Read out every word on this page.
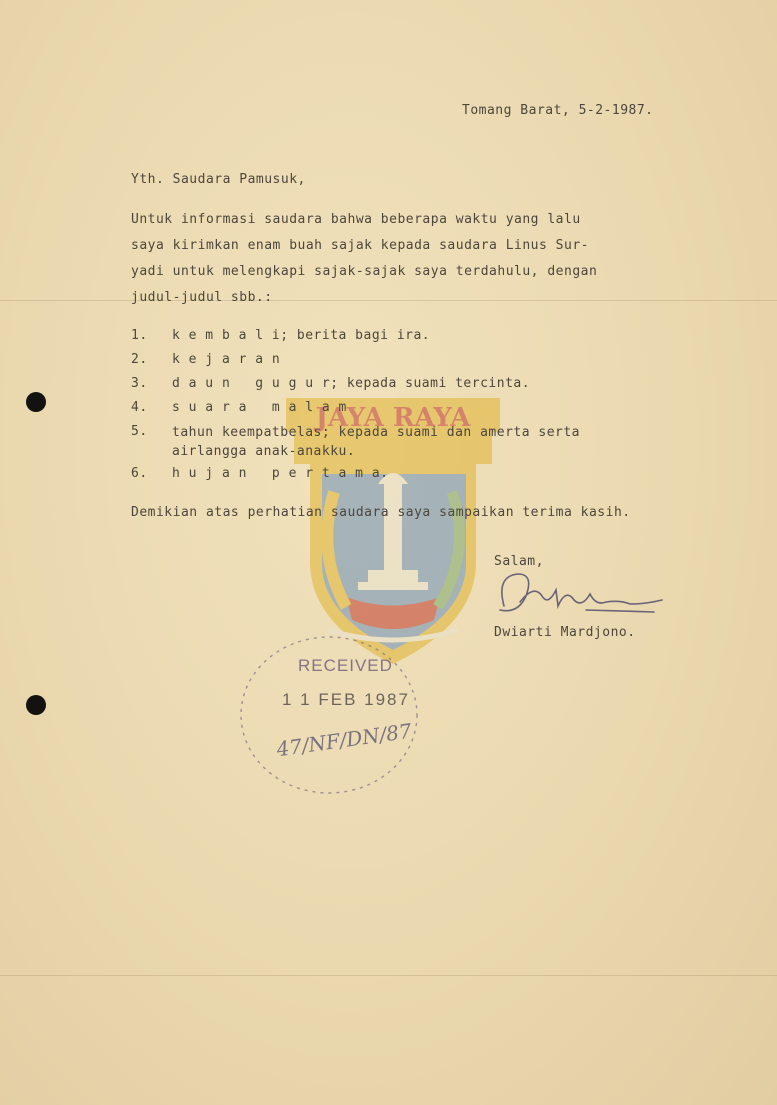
JAYA RAYA
Tomang Barat, 5-2-1987.
Yth. Saudara Pamusuk,
Untuk informasi saudara bahwa beberapa waktu yang lalu
saya kirimkan enam buah sajak kepada saudara Linus Sur-
yadi untuk melengkapi sajak-sajak saya terdahulu, dengan
judul-judul sbb.:

1.

k e m b a l i; berita bagi ira.

2.

k e j a r a n

3.

d a u n   g u g u r; kepada suami tercinta.

4.

s u a r a   m a l a m

5.

tahun keempatbelas; kepada suami dan amerta serta
airlangga anak-anakku.

6.

h u j a n   p e r t a m a.

Demikian atas perhatian saudara saya sampaikan terima kasih.
Salam,
Dwiarti Mardjono.
RECEIVED
1 1 FEB 1987
47/NF/DN/87
